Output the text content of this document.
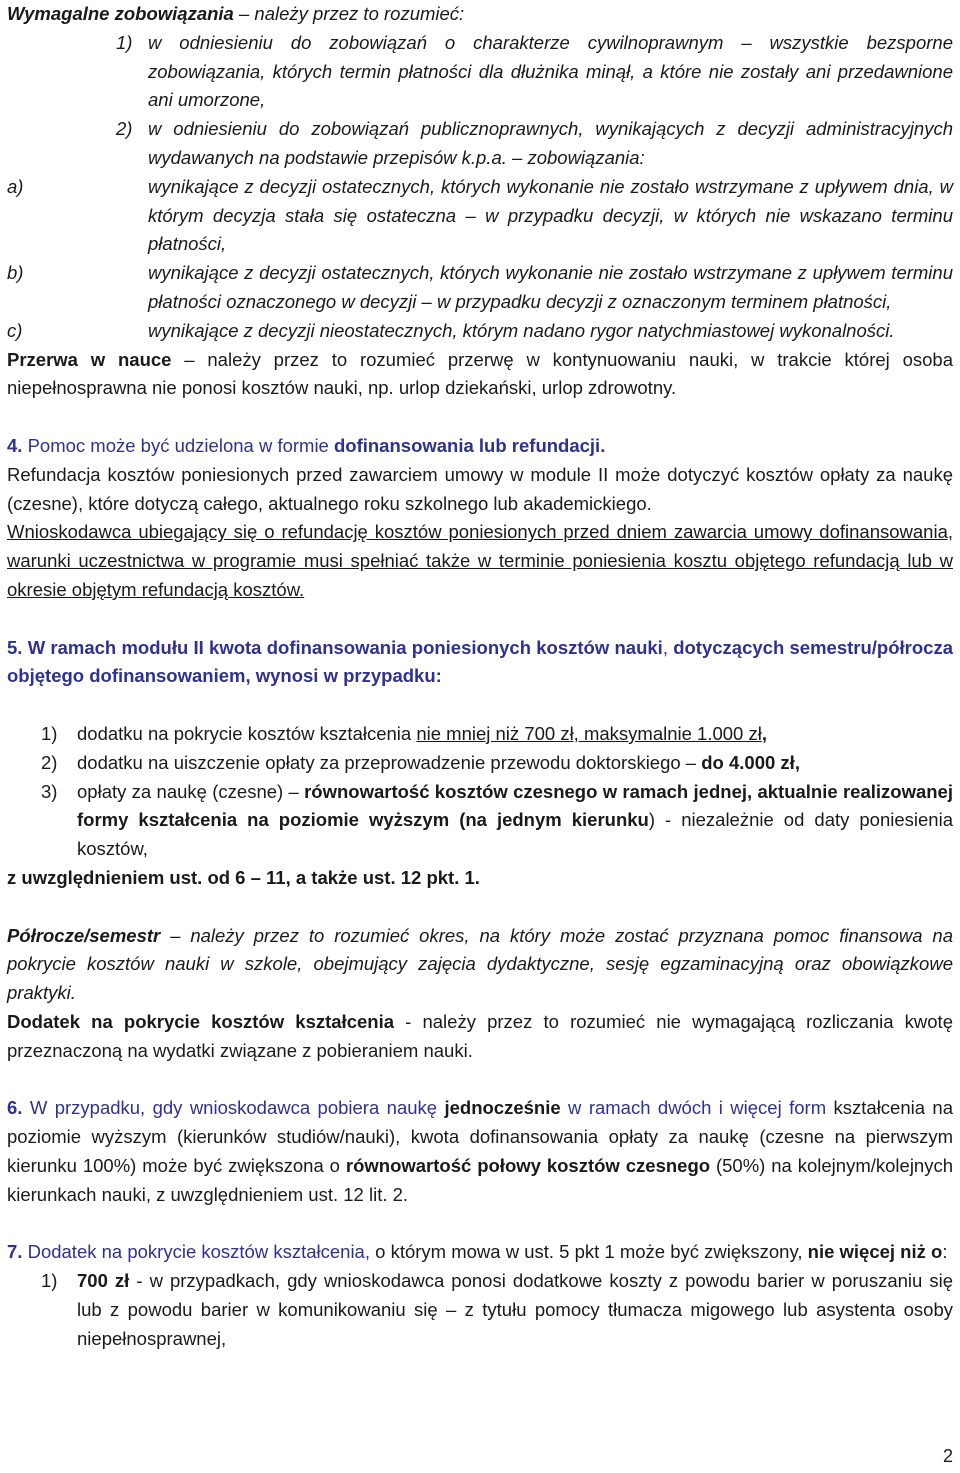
Wymagalne zobowiązania – należy przez to rozumieć:

1) w odniesieniu do zobowiązań o charakterze cywilnoprawnym – wszystkie bezsporne zobowiązania, których termin płatności dla dłużnika minął, a które nie zostały ani przedawnione ani umorzone,
2) w odniesieniu do zobowiązań publicznoprawnych, wynikających z decyzji administracyjnych wydawanych na podstawie przepisów k.p.a. – zobowiązania:
a)	wynikające z decyzji ostatecznych, których wykonanie nie zostało wstrzymane z upływem dnia, w którym decyzja stała się ostateczna – w przypadku decyzji, w których nie wskazano terminu płatności,
b)	wynikające z decyzji ostatecznych, których wykonanie nie zostało wstrzymane z upływem terminu płatności oznaczonego w decyzji – w przypadku decyzji z oznaczonym terminem płatności,
c)	wynikające z decyzji nieostatecznych, którym nadano rygor natychmiastowej wykonalności.

Przerwa w nauce – należy przez to rozumieć przerwę w kontynuowaniu nauki, w trakcie której osoba niepełnosprawna nie ponosi kosztów nauki, np. urlop dziekański, urlop zdrowotny.

4. Pomoc może być udzielona w formie dofinansowania lub refundacji.

Refundacja kosztów poniesionych przed zawarciem umowy w module II może dotyczyć kosztów opłaty za naukę (czesne), które dotyczą całego, aktualnego roku szkolnego lub akademickiego.

Wnioskodawca ubiegający się o refundację kosztów poniesionych przed dniem zawarcia umowy dofinansowania, warunki uczestnictwa w programie musi spełniać także w terminie poniesienia kosztu objętego refundacją lub w okresie objętym refundacją kosztów.

5. W ramach modułu II kwota dofinansowania poniesionych kosztów nauki, dotyczących semestru/półrocza objętego dofinansowaniem, wynosi w przypadku:

1) dodatku na pokrycie kosztów kształcenia nie mniej niż 700 zł, maksymalnie 1.000 zł,
2) dodatku na uiszczenie opłaty za przeprowadzenie przewodu doktorskiego – do 4.000 zł,
3) opłaty za naukę (czesne) – równowartość kosztów czesnego w ramach jednej, aktualnie realizowanej formy kształcenia na poziomie wyższym (na jednym kierunku) - niezależnie od daty poniesienia kosztów,

z uwzględnieniem ust. od 6 – 11, a także ust. 12 pkt. 1.

Półrocze/semestr – należy przez to rozumieć okres, na który może zostać przyznana pomoc finansowa na pokrycie kosztów nauki w szkole, obejmujący zajęcia dydaktyczne, sesję egzaminacyjną oraz obowiązkowe praktyki.

Dodatek na pokrycie kosztów kształcenia - należy przez to rozumieć nie wymagającą rozliczania kwotę przeznaczoną na wydatki związane z pobieraniem nauki.

6. W przypadku, gdy wnioskodawca pobiera naukę jednocześnie w ramach dwóch i więcej form kształcenia na poziomie wyższym (kierunków studiów/nauki), kwota dofinansowania opłaty za naukę (czesne na pierwszym kierunku 100%) może być zwiększona o równowartość połowy kosztów czesnego (50%) na kolejnym/kolejnych kierunkach nauki, z uwzględnieniem ust. 12 lit. 2.

7. Dodatek na pokrycie kosztów kształcenia, o którym mowa w ust. 5 pkt 1 może być zwiększony, nie więcej niż o:

1) 700 zł - w przypadkach, gdy wnioskodawca ponosi dodatkowe koszty z powodu barier w poruszaniu się lub z powodu barier w komunikowaniu się – z tytułu pomocy tłumacza migowego lub asystenta osoby niepełnosprawnej,
2
